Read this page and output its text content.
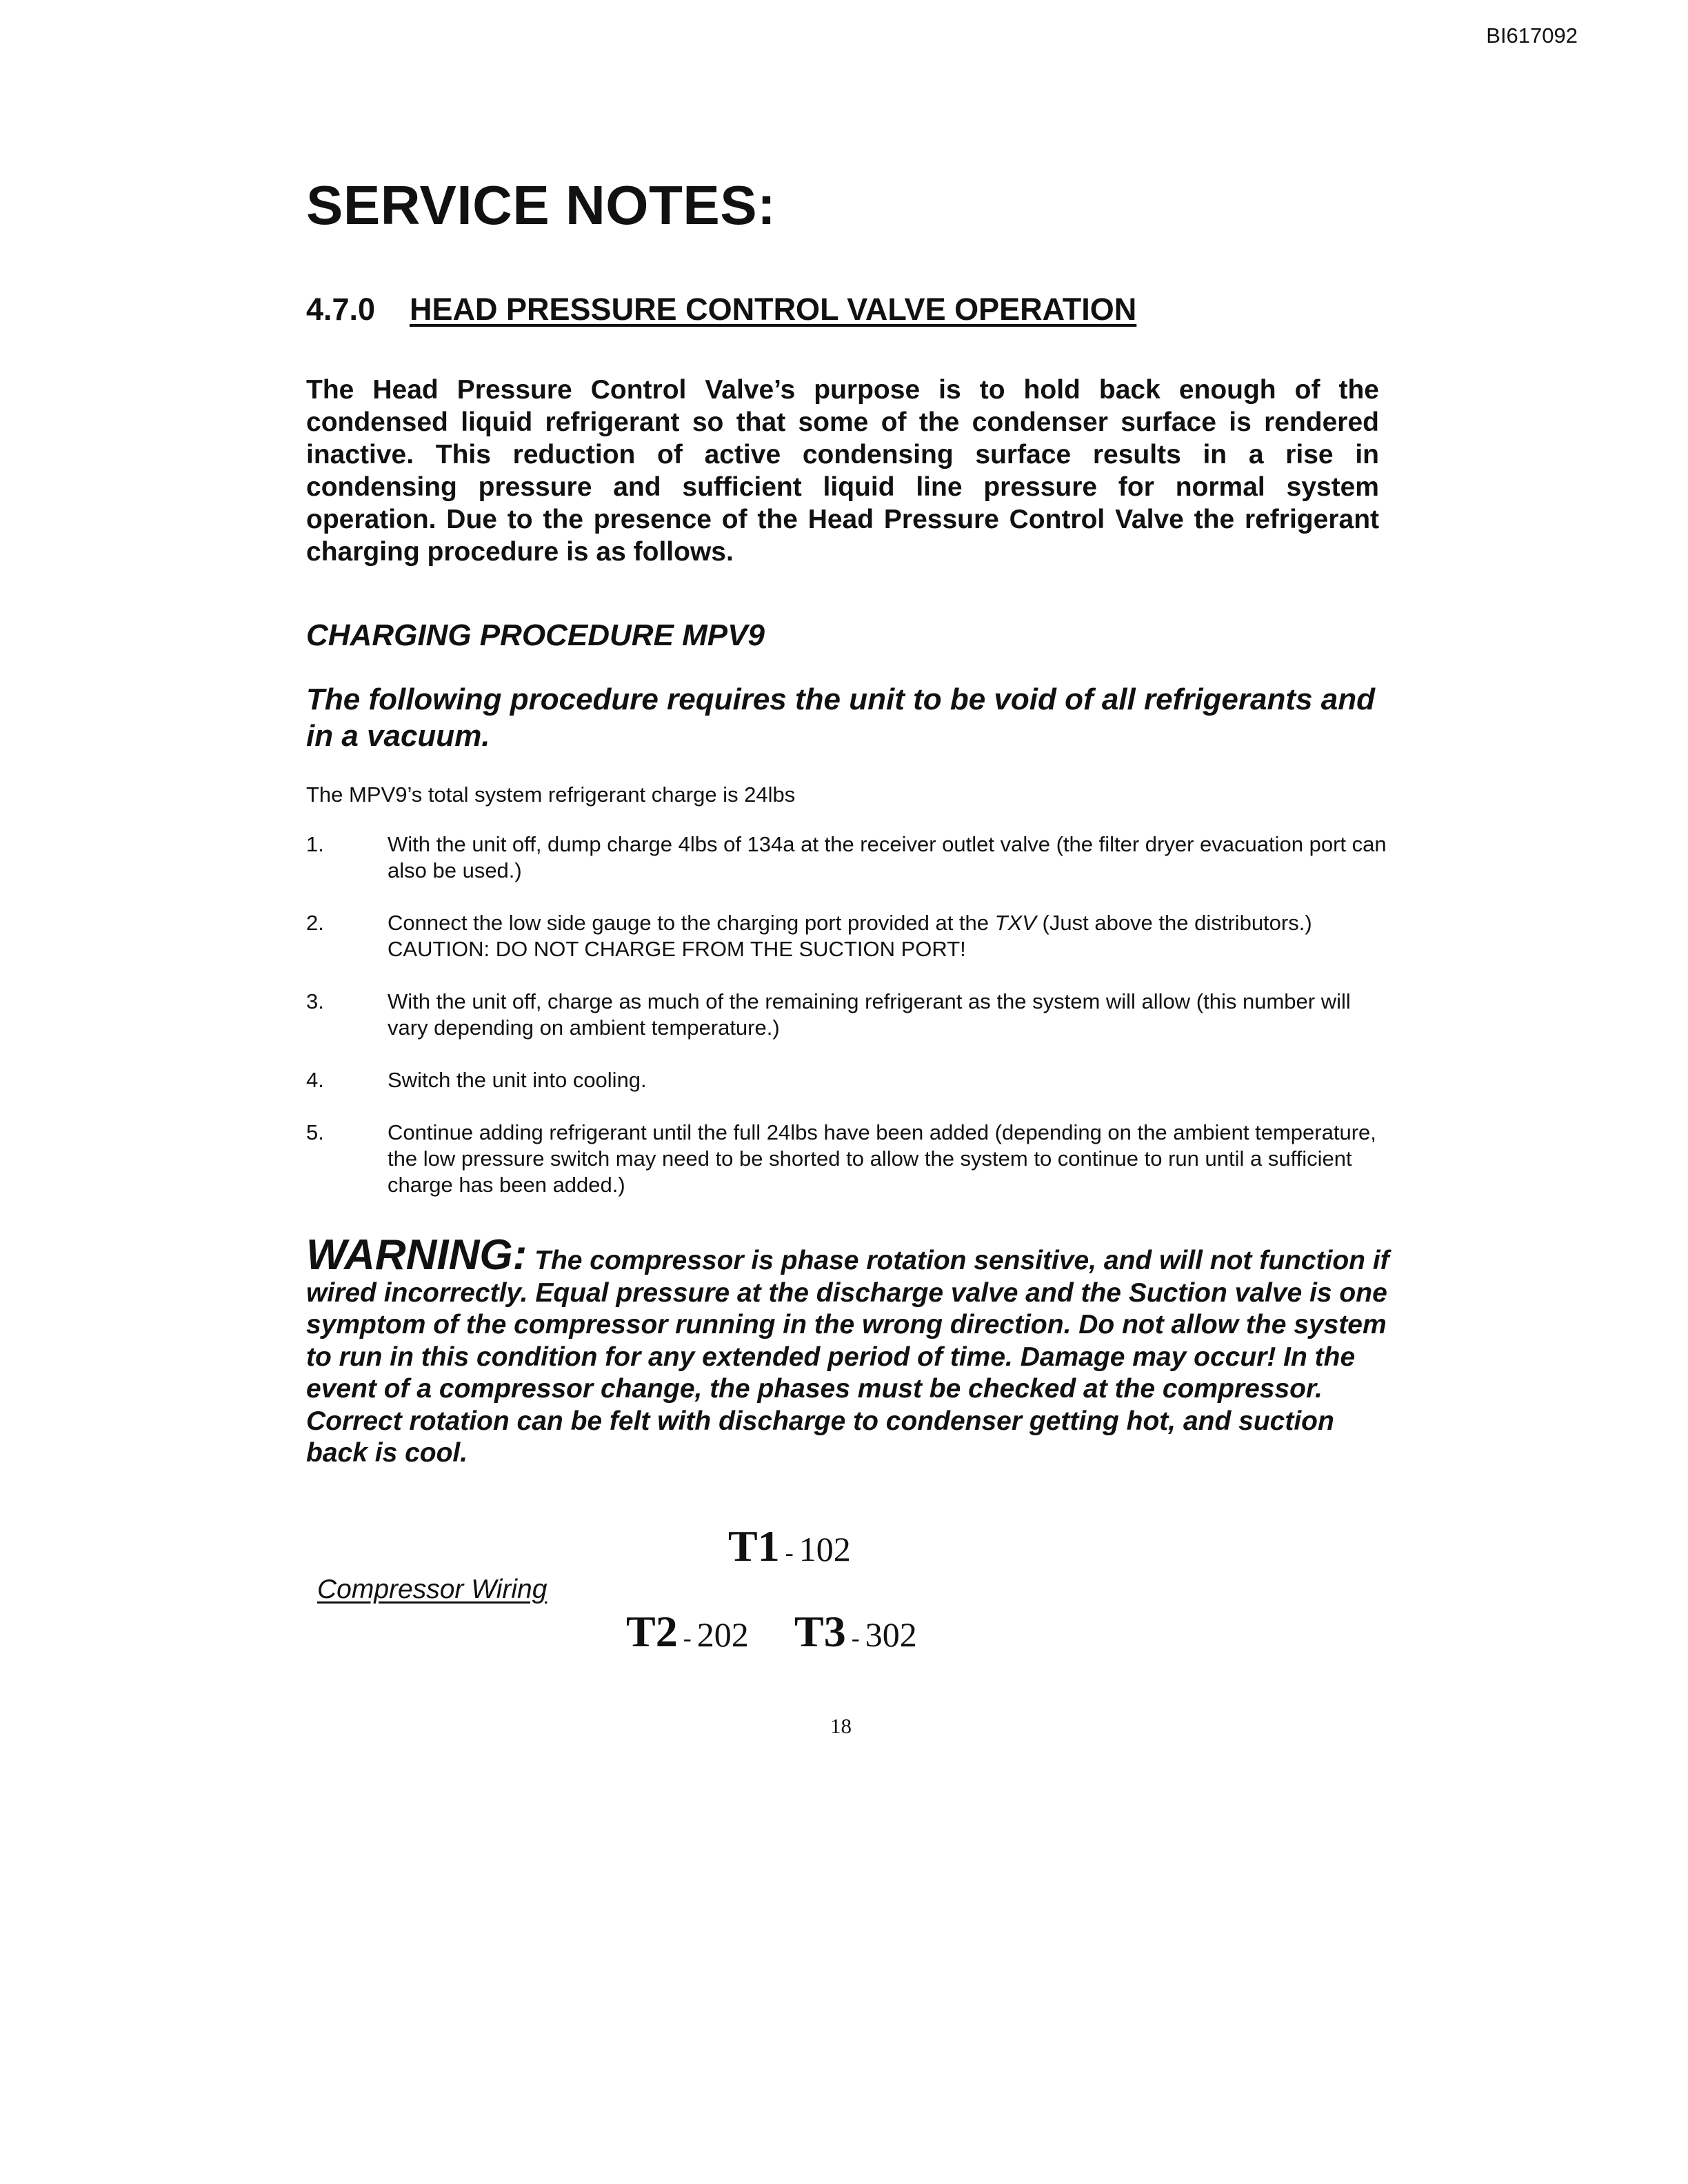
BI617092
SERVICE NOTES:
4.7.0 HEAD PRESSURE CONTROL VALVE OPERATION

The Head Pressure Control Valve’s purpose is to hold back enough of the condensed liquid refrigerant so that some of the condenser surface is rendered inactive. This reduction of active condensing surface results in a rise in condensing pressure and sufficient liquid line pressure for normal system operation. Due to the presence of the Head Pressure Control Valve the refrigerant charging procedure is as follows.

CHARGING PROCEDURE MPV9

The following procedure requires the unit to be void of all refrigerants and in a vacuum.

The MPV9’s total system refrigerant charge is 24lbs

1.	With the unit off, dump charge 4lbs of 134a at the receiver outlet valve (the filter dryer evacuation port can also be used.)
2.	Connect the low side gauge to the charging port provided at the TXV (Just above the distributors.)
CAUTION: DO NOT CHARGE FROM THE SUCTION PORT!
3.	With the unit off, charge as much of the remaining refrigerant as the system will allow (this number will vary depending on ambient temperature.)
4.	Switch the unit into cooling.
5.	Continue adding refrigerant until the full 24lbs have been added (depending on the ambient temperature, the low pressure switch may need to be shorted to allow the system to continue to run until a sufficient charge has been added.)

WARNING: The compressor is phase rotation sensitive, and will not function if wired incorrectly. Equal pressure at the discharge valve and the Suction valve is one symptom of the compressor running in the wrong direction. Do not allow the system to run in this condition for any extended period of time. Damage may occur! In the event of a compressor change, the phases must be checked at the compressor. Correct rotation can be felt with discharge to condenser getting hot, and suction back is cool.

Compressor Wiring

T1 - 102
T2 - 202 T3 - 302
18
